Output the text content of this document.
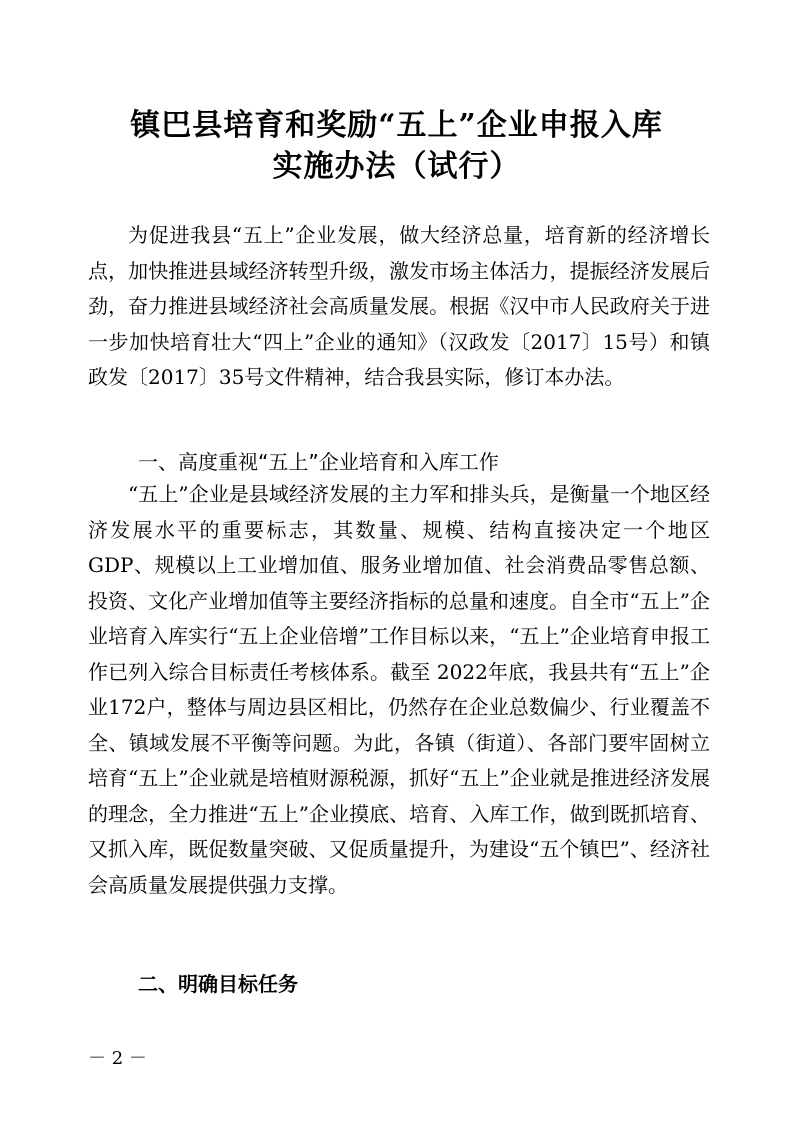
镇巴县培育和奖励“五上”企业申报入库
实施办法（试行）
为促进我县“五上”企业发展，做大经济总量，培育新的经济增长点，加快推进县域经济转型升级，激发市场主体活力，提振经济发展后劲，奋力推进县域经济社会高质量发展。根据《汉中市人民政府关于进一步加快培育壮大“四上”企业的通知》（汉政发〔2017〕15号）和镇政发〔2017〕35号文件精神，结合我县实际，修订本办法。
一、高度重视“五上”企业培育和入库工作
“五上”企业是县域经济发展的主力军和排头兵，是衡量一个地区经济发展水平的重要标志，其数量、规模、结构直接决定一个地区GDP、规模以上工业增加值、服务业增加值、社会消费品零售总额、投资、文化产业增加值等主要经济指标的总量和速度。自全市“五上”企业培育入库实行“五上企业倍增”工作目标以来，“五上”企业培育申报工作已列入综合目标责任考核体系。截至 2022年底，我县共有“五上”企业172户，整体与周边县区相比，仍然存在企业总数偏少、行业覆盖不全、镇域发展不平衡等问题。为此，各镇（街道）、各部门要牢固树立培育“五上”企业就是培植财源税源，抓好“五上”企业就是推进经济发展的理念，全力推进“五上”企业摸底、培育、入库工作，做到既抓培育、又抓入库，既促数量突破、又促质量提升，为建设“五个镇巴”、经济社会高质量发展提供强力支撑。
二、明确目标任务
－ 2 －
